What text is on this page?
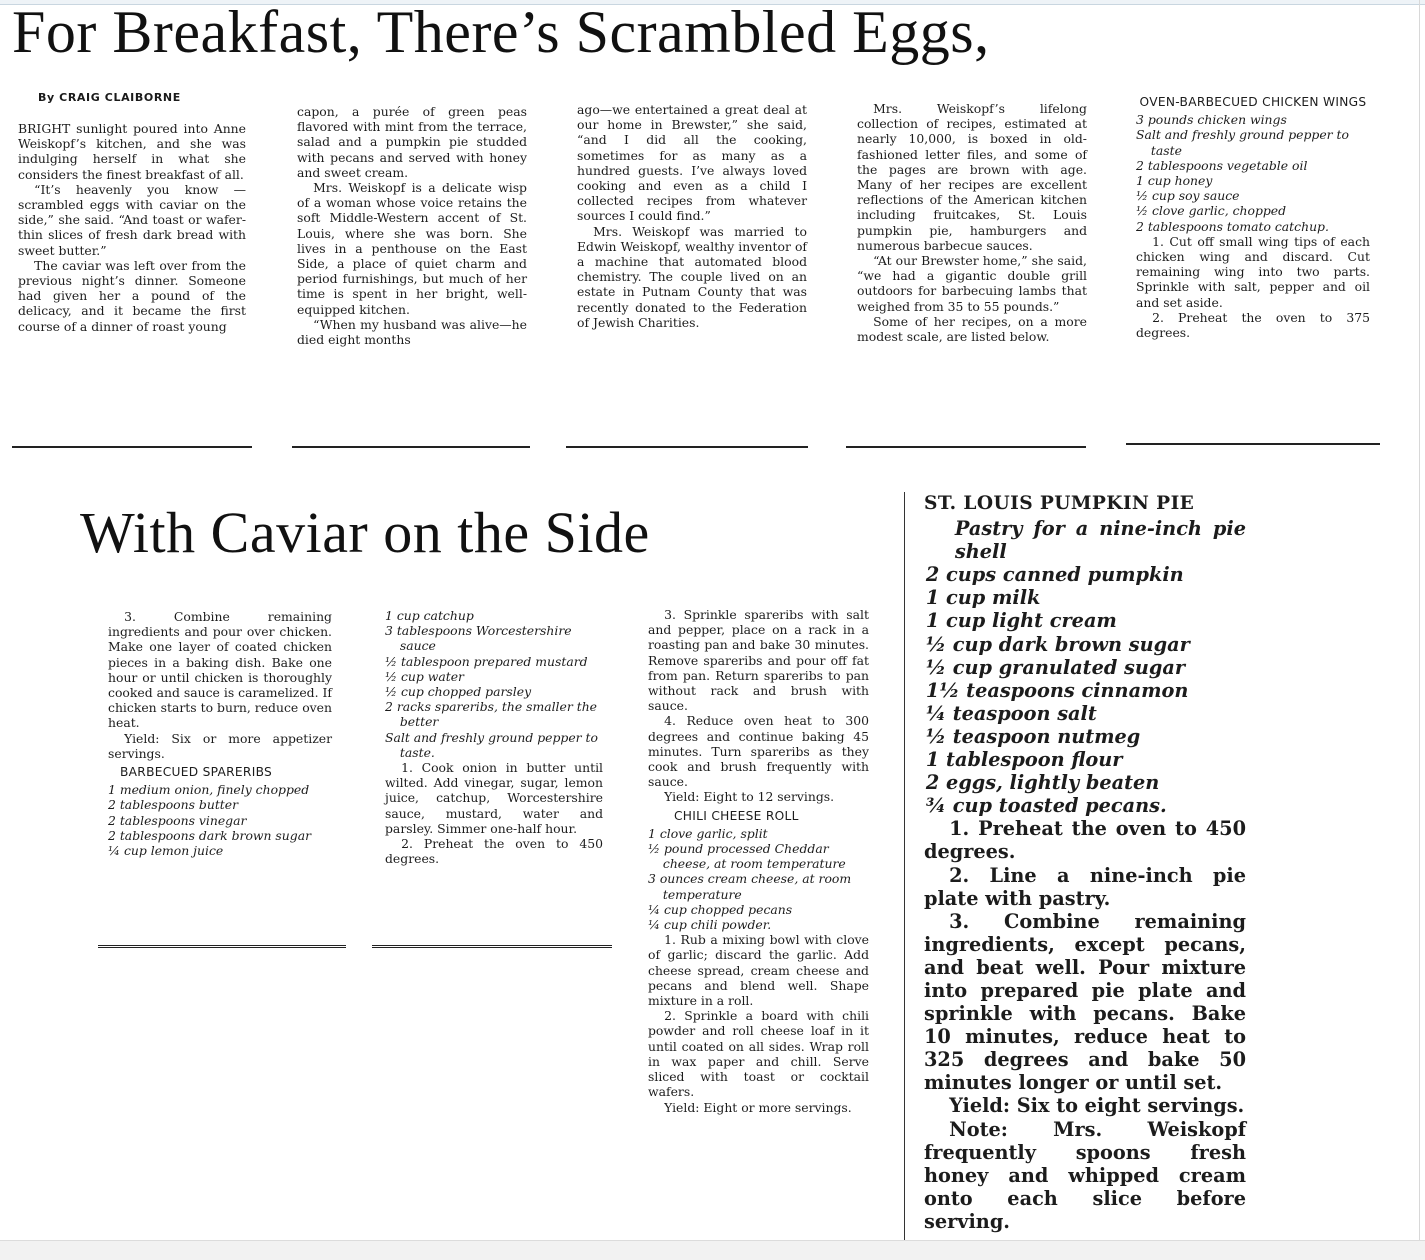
For Breakfast, There’s Scrambled Eggs,
By CRAIG CLAIBORNE

BRIGHT sunlight poured into Anne Weiskopf’s kitchen, and she was indulging herself in what she considers the finest breakfast of all.

“It’s heavenly you know —scrambled eggs with caviar on the side,” she said. “And toast or wafer-thin slices of fresh dark bread with sweet butter.”

The caviar was left over from the previous night’s dinner. Someone had given her a pound of the delicacy, and it became the first course of a dinner of roast young

capon, a purée of green peas flavored with mint from the terrace, salad and a pumpkin pie studded with pecans and served with honey and sweet cream.

Mrs. Weiskopf is a delicate wisp of a woman whose voice retains the soft Middle-Western accent of St. Louis, where she was born. She lives in a penthouse on the East Side, a place of quiet charm and period furnishings, but much of her time is spent in her bright, well-equipped kitchen.

“When my husband was alive—he died eight months

ago—we entertained a great deal at our home in Brewster,” she said, “and I did all the cooking, sometimes for as many as a hundred guests. I’ve always loved cooking and even as a child I collected recipes from whatever sources I could find.”

Mrs. Weiskopf was married to Edwin Weiskopf, wealthy inventor of a machine that automated blood chemistry. The couple lived on an estate in Putnam County that was recently donated to the Federation of Jewish Charities.

Mrs. Weiskopf’s lifelong collection of recipes, estimated at nearly 10,000, is boxed in old-fashioned letter files, and some of the pages are brown with age. Many of her recipes are excellent reflections of the American kitchen including fruitcakes, St. Louis pumpkin pie, hamburgers and numerous barbecue sauces.

“At our Brewster home,” she said, “we had a gigantic double grill outdoors for barbecuing lambs that weighed from 35 to 55 pounds.”

Some of her recipes, on a more modest scale, are listed below.

OVEN-BARBECUED CHICKEN WINGS
3 pounds chicken wings
Salt and freshly ground pepper to taste
2 tablespoons vegetable oil
1 cup honey
½ cup soy sauce
½ clove garlic, chopped
2 tablespoons tomato catchup.

1. Cut off small wing tips of each chicken wing and discard. Cut remaining wing into two parts. Sprinkle with salt, pepper and oil and set aside.

2. Preheat the oven to 375 degrees.

With Caviar on the Side

3. Combine remaining ingredients and pour over chicken. Make one layer of coated chicken pieces in a baking dish. Bake one hour or until chicken is thoroughly cooked and sauce is caramelized. If chicken starts to burn, reduce oven heat.

Yield: Six or more appetizer servings.

BARBECUED SPARERIBS
1 medium onion, finely chopped
2 tablespoons butter
2 tablespoons vinegar
2 tablespoons dark brown sugar
¼ cup lemon juice
1 cup catchup
3 tablespoons Worcestershire sauce
½ tablespoon prepared mustard
½ cup water
½ cup chopped parsley
2 racks spareribs, the smaller the better
Salt and freshly ground pepper to taste.

1. Cook onion in butter until wilted. Add vinegar, sugar, lemon juice, catchup, Worcestershire sauce, mustard, water and parsley. Simmer one-half hour.

2. Preheat the oven to 450 degrees.

3. Sprinkle spareribs with salt and pepper, place on a rack in a roasting pan and bake 30 minutes. Remove spareribs and pour off fat from pan. Return spareribs to pan without rack and brush with sauce.

4. Reduce oven heat to 300 degrees and continue baking 45 minutes. Turn spareribs as they cook and brush frequently with sauce.

Yield: Eight to 12 servings.

CHILI CHEESE ROLL
1 clove garlic, split
½ pound processed Cheddar cheese, at room temperature
3 ounces cream cheese, at room temperature
¼ cup chopped pecans
¼ cup chili powder.

1. Rub a mixing bowl with clove of garlic; discard the garlic. Add cheese spread, cream cheese and pecans and blend well. Shape mixture in a roll.

2. Sprinkle a board with chili powder and roll cheese loaf in it until coated on all sides. Wrap roll in wax paper and chill. Serve sliced with toast or cocktail wafers.

Yield: Eight or more servings.

ST. LOUIS PUMPKIN PIE
Pastry for a nine-inch pie shell
2 cups canned pumpkin
1 cup milk
1 cup light cream
½ cup dark brown sugar
½ cup granulated sugar
1½ teaspoons cinnamon
¼ teaspoon salt
½ teaspoon nutmeg
1 tablespoon flour
2 eggs, lightly beaten
¾ cup toasted pecans.

1. Preheat the oven to 450 degrees.

2. Line a nine-inch pie plate with pastry.

3. Combine remaining ingredients, except pecans, and beat well. Pour mixture into prepared pie plate and sprinkle with pecans. Bake 10 minutes, reduce heat to 325 degrees and bake 50 minutes longer or until set.

Yield: Six to eight servings.

Note: Mrs. Weiskopf frequently spoons fresh honey and whipped cream onto each slice before serving.
